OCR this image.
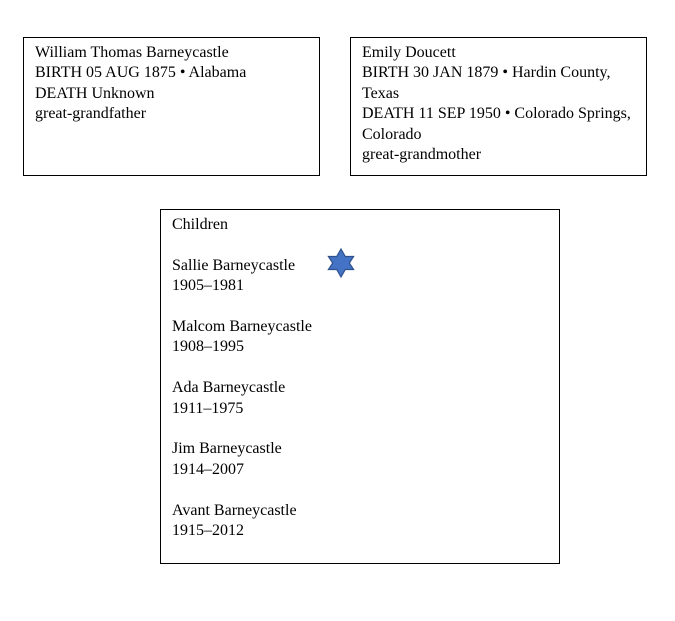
William Thomas Barneycastle
BIRTH 05 AUG 1875 • Alabama
DEATH Unknown
great-grandfather
Emily Doucett
BIRTH 30 JAN 1879 • Hardin County, Texas
DEATH 11 SEP 1950 • Colorado Springs, Colorado
great-grandmother
Children
Sallie Barneycastle
1905–1981
Malcom Barneycastle
1908–1995
Ada Barneycastle
1911–1975
Jim Barneycastle
1914–2007
Avant Barneycastle
1915–2012
